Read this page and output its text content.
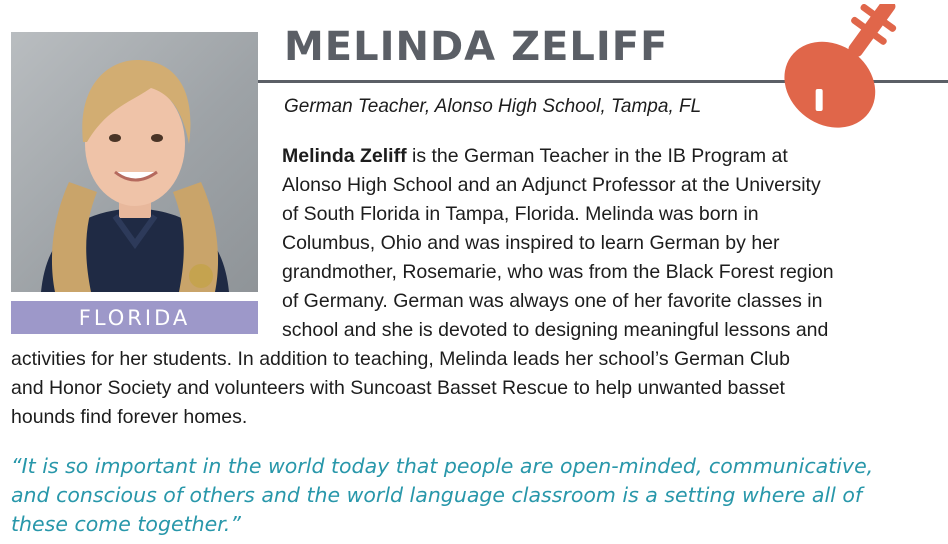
FLORIDA
MELINDA ZELIFF
German Teacher, Alonso High School, Tampa, FL
Melinda Zeliff is the German Teacher in the IB Program at
Alonso High School and an Adjunct Professor at the University
of South Florida in Tampa, Florida. Melinda was born in
Columbus, Ohio and was inspired to learn German by her
grandmother, Rosemarie, who was from the Black Forest region
of Germany. German was always one of her favorite classes in
school and she is devoted to designing meaningful lessons and
activities for her students. In addition to teaching, Melinda leads her school’s German Club
and Honor Society and volunteers with Suncoast Basset Rescue to help unwanted basset
hounds find forever homes.
“It is so important in the world today that people are open-minded, communicative,
and conscious of others and the world language classroom is a setting where all of
these come together.”
